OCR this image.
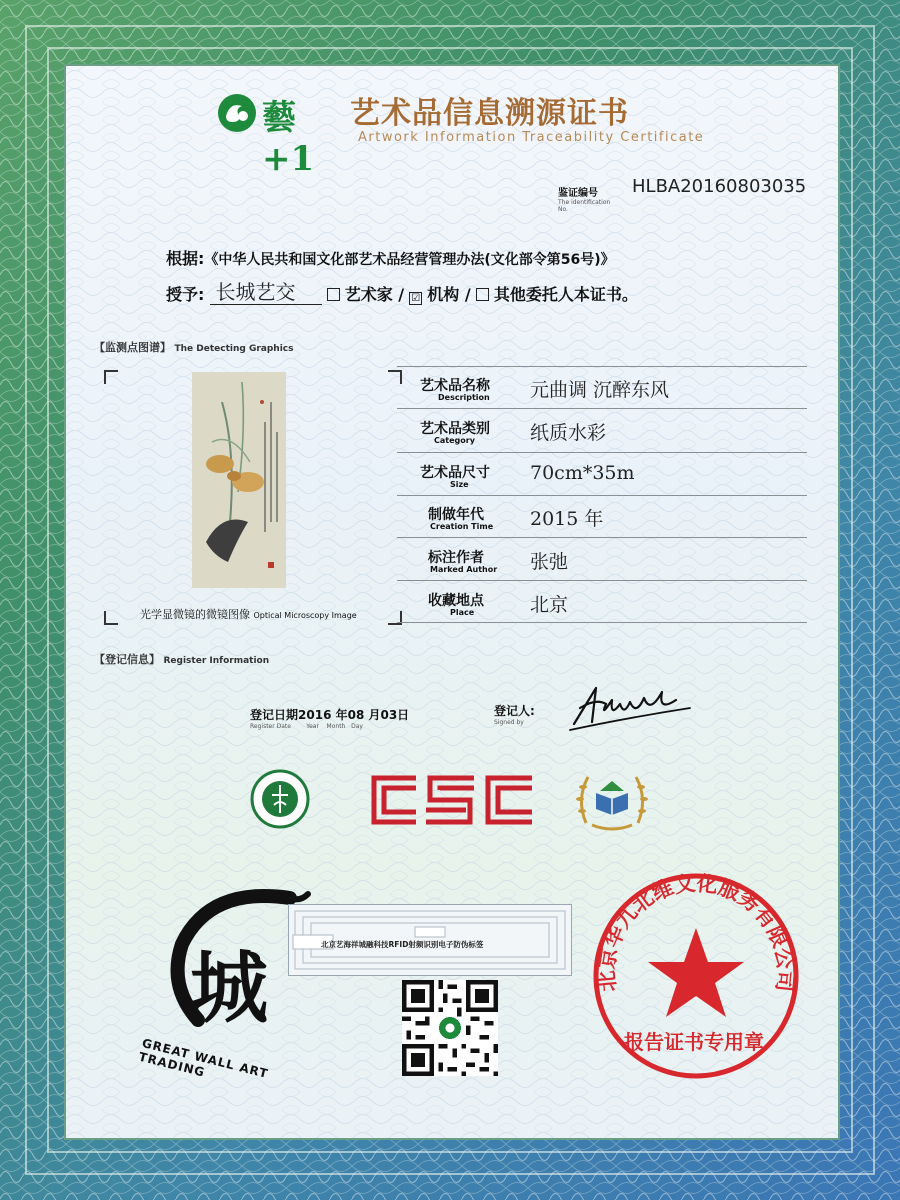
藝+1
艺术品信息溯源证书
Artwork Information Traceability Certificate
鉴证编号
The identification No.
HLBA20160803035
根据:《中华人民共和国文化部艺术品经营管理办法(文化部令第56号)》
授予: 长城艺交	艺术家 / ☑ 机构 / 其他委托人本证书。
【监测点图谱】 The Detecting Graphics
光学显微镜的微镜图像 Optical Microscopy Image
艺术品名称
Description 元曲调 沉醉东风
艺术品类别
Category	纸质水彩
艺术品尺寸
Size
70cm*35m
制做年代
Creation Time 2015 年
标注作者
Marked Author 张弛
收藏地点
Place	北京
【登记信息】 Register Information
登记日期2016 年08 月03日
Register Date        Year    Month   Day
登记人:
Signed by
城
GREAT WALL ART TRADING
北京艺海祥城融科技RFID射频识别电子防伪标签
北京华九北维文化服务有限公司
报告证书专用章
